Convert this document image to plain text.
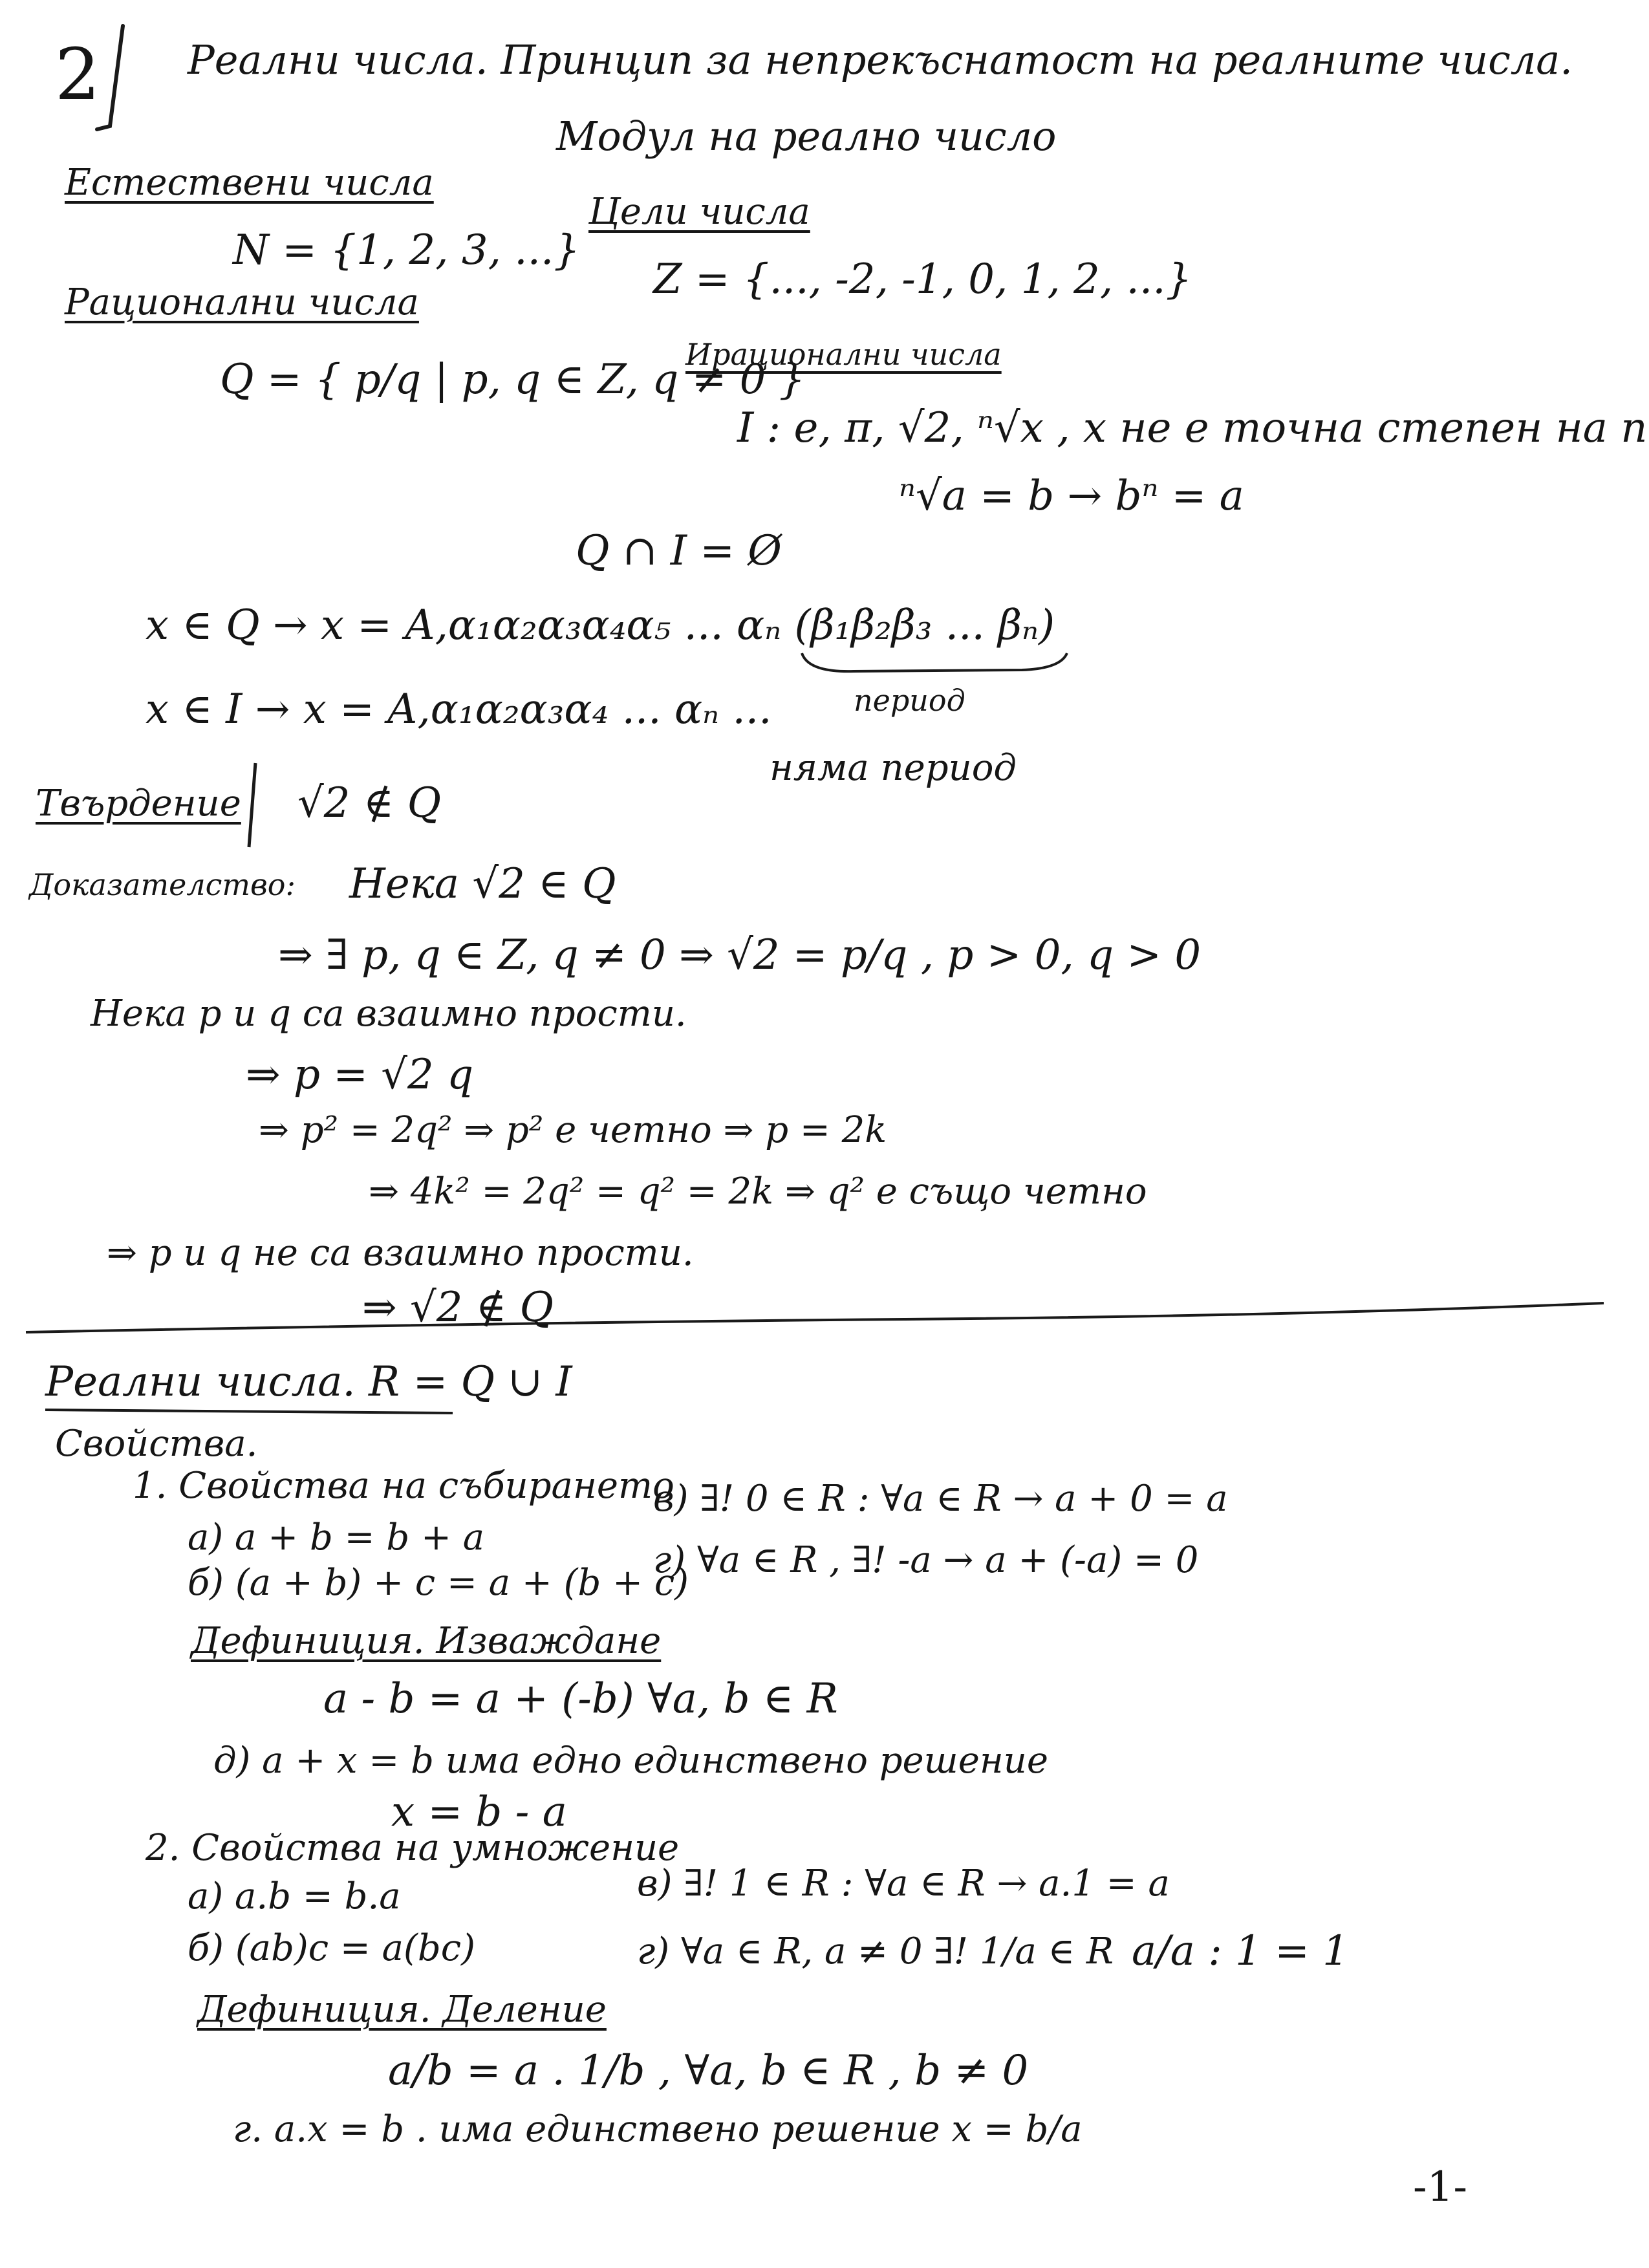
2 Реални числа. Принцип за непрекъснатост на реалните числа.
Модул на реално число
Естествени числа
N = {1, 2, 3, ...}
Цели числа
Z = {..., -2, -1, 0, 1, 2, ...}
Рационални числа
Q = { p/q | p, q ∈ Z, q ≠ 0 }
Ирационални числа
I : e, π, √2, ⁿ√x , x не е точна степен на n
ⁿ√a = b → bⁿ = a
Q ∩ I = Ø
x ∈ Q → x = A,α₁α₂α₃α₄α₅ ... αₙ (β₁β₂β₃ ... βₙ)
период
x ∈ I → x = A,α₁α₂α₃α₄ ... αₙ ...
няма период
Твърдение √2 ∉ Q
Доказателство: Нека √2 ∈ Q
⇒ ∃ p, q ∈ Z, q ≠ 0 ⇒ √2 = p/q , p > 0, q > 0
Нека p и q са взаимно прости.
⇒ p = √2 q
⇒ p² = 2q² ⇒ p² е четно ⇒ p = 2k
⇒ 4k² = 2q² = q² = 2k ⇒ q² е също четно
⇒ p и q не са взаимно прости.
⇒ √2 ∉ Q
Реални числа. R = Q ∪ I
Свойства.
1. Свойства на събирането
а) a + b = b + a
б) (a + b) + c = a + (b + c)
в) ∃! 0 ∈ R : ∀a ∈ R → a + 0 = a
г) ∀a ∈ R , ∃! -a → a + (-a) = 0
Дефиниция. Изваждане
a - b = a + (-b) ∀a, b ∈ R
д) a + x = b има едно единствено решение
x = b - a
2. Свойства на умножение
а) a.b = b.a
б) (ab)c = a(bc)
в) ∃! 1 ∈ R : ∀a ∈ R → a.1 = a
г) ∀a ∈ R, a ≠ 0 ∃! 1/a ∈ R a/a : 1 = 1
Дефиниция. Деление
a/b = a . 1/b , ∀a, b ∈ R , b ≠ 0
г. a.x = b . има единствено решение x = b/a
-1-
